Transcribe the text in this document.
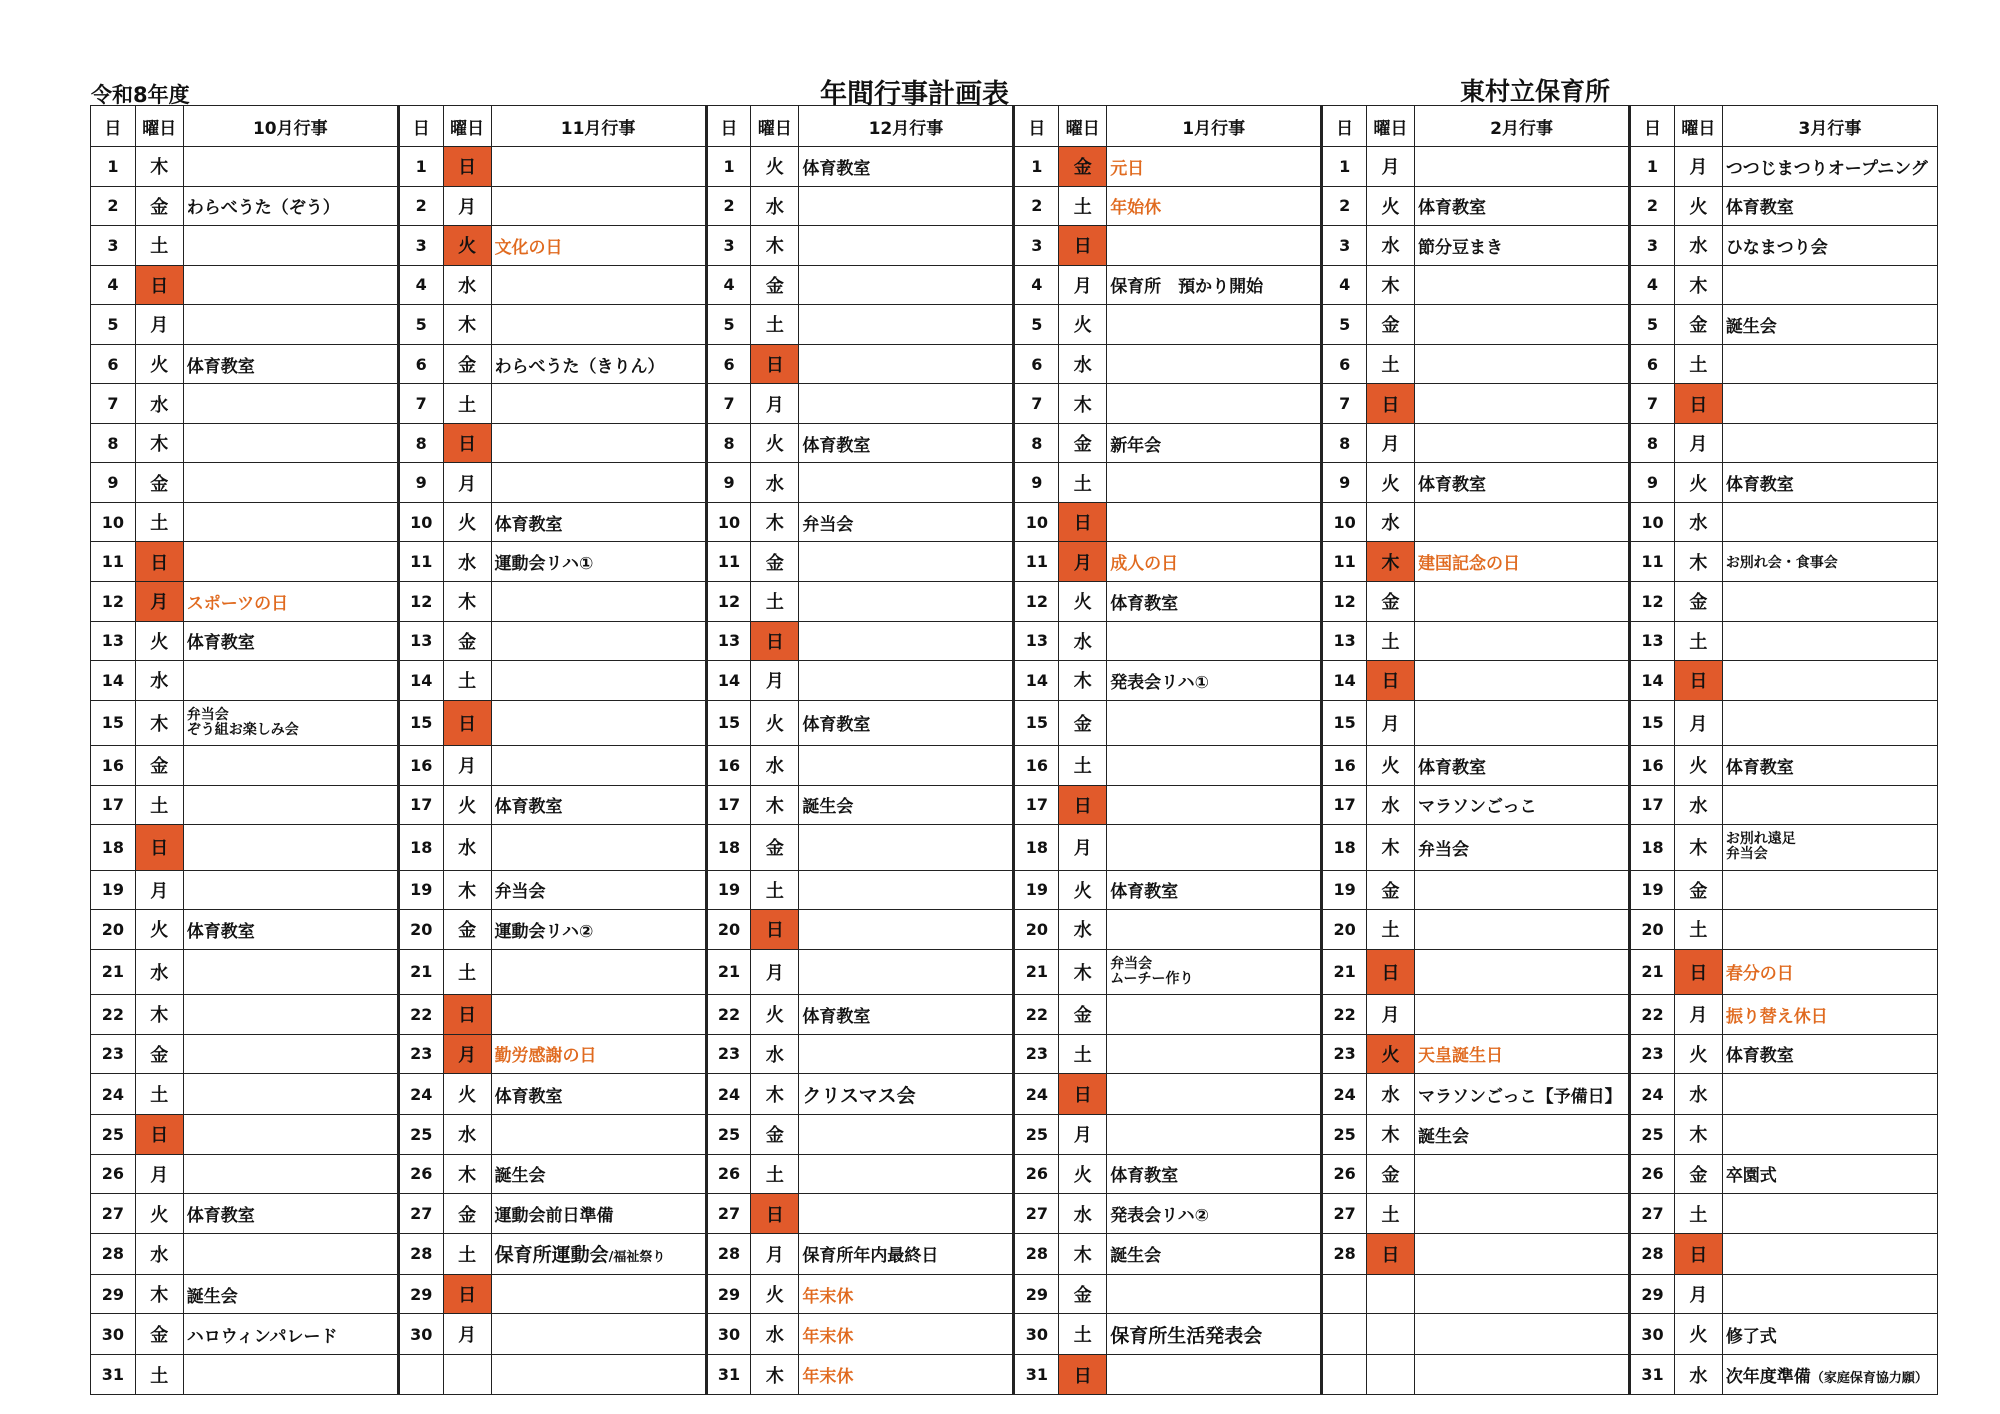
令和8年度	年間行事計画表	東村立保育所
日	曜日	10月行事	日	曜日	11月行事	日	曜日	12月行事	日	曜日	1月行事	日	曜日	2月行事	日	曜日	3月行事
1	木		1	日		1	火	体育教室	1	金	元日	1	月		1	月	つつじまつりオープニング
2	金	わらべうた（ぞう）	2	月		2	水		2	土	年始休	2	火	体育教室	2	火	体育教室
3	土		3	火	文化の日	3	木		3	日		3	水	節分豆まき	3	水	ひなまつり会
4	日		4	水		4	金		4	月	保育所　預かり開始	4	木		4	木	
5	月		5	木		5	土		5	火		5	金		5	金	誕生会
6	火	体育教室	6	金	わらべうた（きりん）	6	日		6	水		6	土		6	土	
7	水		7	土		7	月		7	木		7	日		7	日	
8	木		8	日		8	火	体育教室	8	金	新年会	8	月		8	月	
9	金		9	月		9	水		9	土		9	火	体育教室	9	火	体育教室
10	土		10	火	体育教室	10	木	弁当会	10	日		10	水		10	水	
11	日		11	水	運動会リハ①	11	金		11	月	成人の日	11	木	建国記念の日	11	木	お別れ会・食事会
12	月	スポーツの日	12	木		12	土		12	火	体育教室	12	金		12	金	
13	火	体育教室	13	金		13	日		13	水		13	土		13	土	
14	水		14	土		14	月		14	木	発表会リハ①	14	日		14	日	
15	木	弁当会
ぞう組お楽しみ会	15	日		15	火	体育教室	15	金		15	月		15	月	
16	金		16	月		16	水		16	土		16	火	体育教室	16	火	体育教室
17	土		17	火	体育教室	17	木	誕生会	17	日		17	水	マラソンごっこ	17	水	
18	日		18	水		18	金		18	月		18	木	弁当会	18	木	お別れ遠足
弁当会

19	月		19	木	弁当会	19	土		19	火	体育教室	19	金		19	金	
20	火	体育教室	20	金	運動会リハ②	20	日		20	水		20	土		20	土	
21	水		21	土		21	月		21	木	弁当会
ムーチー作り	21	日		21	日	春分の日
22	木		22	日		22	火	体育教室	22	金		22	月		22	月	振り替え休日
23	金		23	月	勤労感謝の日	23	水		23	土		23	火	天皇誕生日	23	火	体育教室
24	土		24	火	体育教室	24	木	クリスマス会	24	日		24	水	マラソンごっこ【予備日】	24	水	
25	日		25	水		25	金		25	月		25	木	誕生会	25	木	
26	月		26	木	誕生会	26	土		26	火	体育教室	26	金		26	金	卒園式
27	火	体育教室	27	金	運動会前日準備	27	日		27	水	発表会リハ②	27	土		27	土	
28	水		28	土	保育所運動会/福祉祭り	28	月	保育所年内最終日	28	木	誕生会	28	日		28	日	
29	木	誕生会	29	日		29	火	年末休	29	金					29	月	
30	金	ハロウィンパレード	30	月		30	水	年末休	30	土	保育所生活発表会				30	火	修了式
31	土					31	木	年末休	31	日					31	水	次年度準備（家庭保育協力願）
